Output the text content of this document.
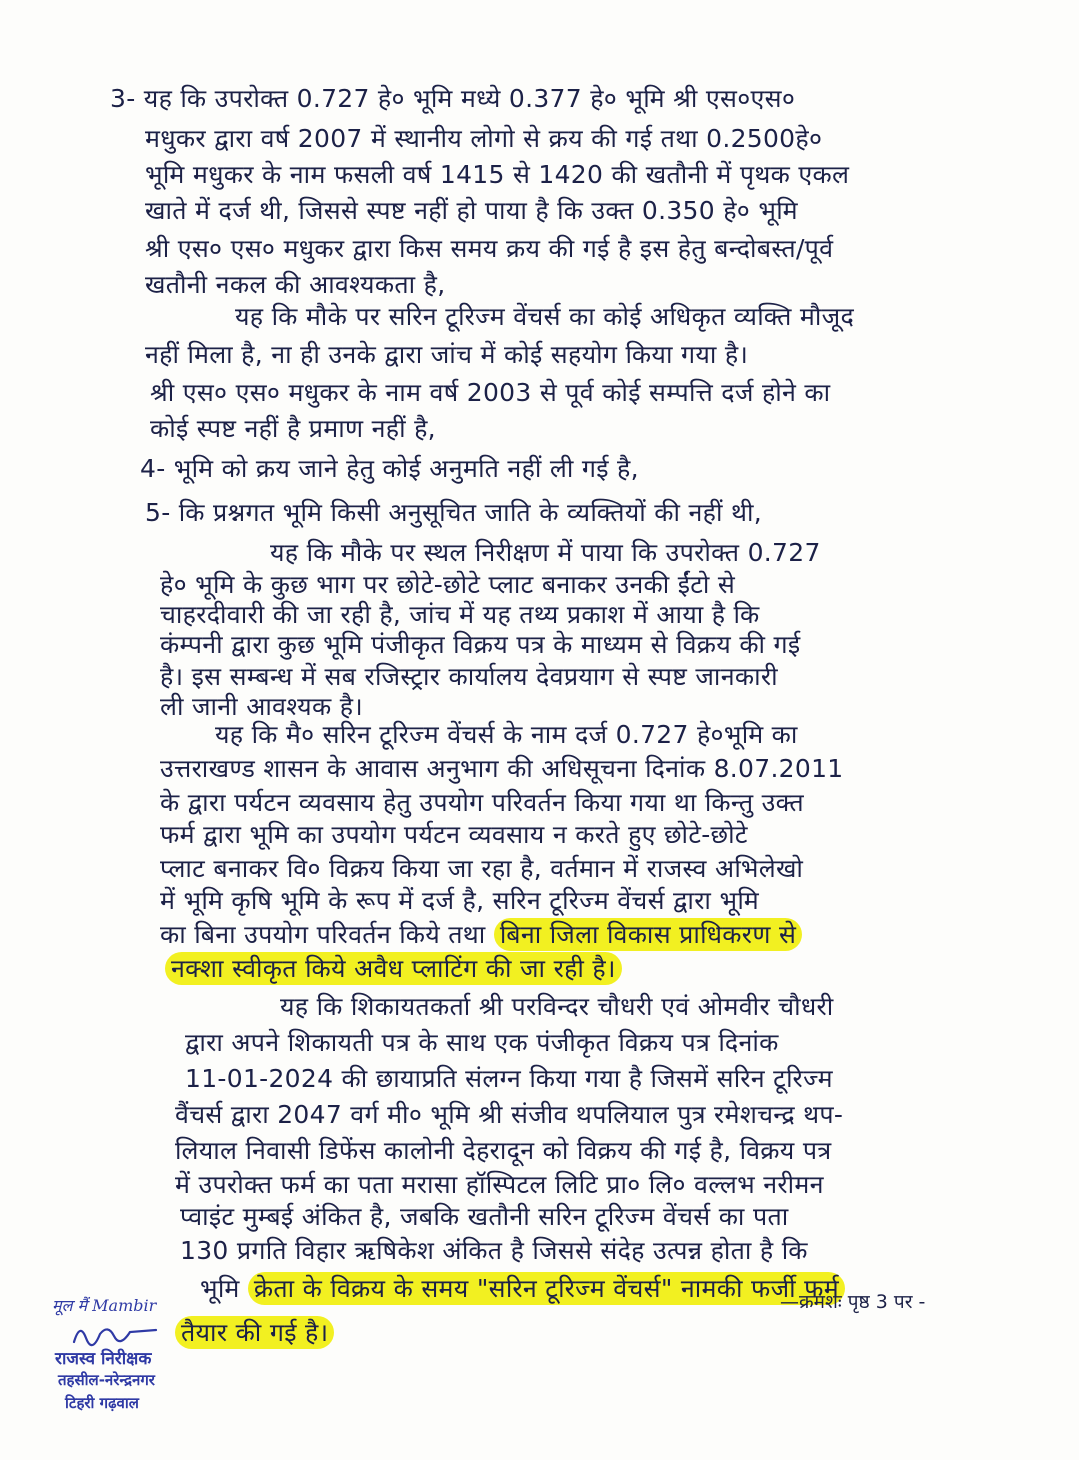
3- यह कि उपरोक्त 0.727 हे० भूमि मध्ये 0.377 हे० भूमि श्री एस०एस०
मधुकर द्वारा वर्ष 2007 में स्थानीय लोगो से क्रय की गई तथा 0.2500हे०
भूमि मधुकर के नाम फसली वर्ष 1415 से 1420 की खतौनी में पृथक एकल
खाते में दर्ज थी, जिससे स्पष्ट नहीं हो पाया है कि उक्त 0.350 हे० भूमि
श्री एस० एस० मधुकर द्वारा किस समय क्रय की गई है इस हेतु बन्दोबस्त/पूर्व
खतौनी नकल की आवश्यकता है,
यह कि मौके पर सरिन टूरिज्म वेंचर्स का कोई अधिकृत व्यक्ति मौजूद
नहीं मिला है, ना ही उनके द्वारा जांच में कोई सहयोग किया गया है।
श्री एस० एस० मधुकर के नाम वर्ष 2003 से पूर्व कोई सम्पत्ति दर्ज होने का
कोई स्पष्ट नहीं है प्रमाण नहीं है,
4- भूमि को क्रय जाने हेतु कोई अनुमति नहीं ली गई है,
5- कि प्रश्नगत भूमि किसी अनुसूचित जाति के व्यक्तियों की नहीं थी,
यह कि मौके पर स्थल निरीक्षण में पाया कि उपरोक्त 0.727
हे० भूमि के कुछ भाग पर छोटे-छोटे प्लाट बनाकर उनकी ईंटो से
चाहरदीवारी की जा रही है, जांच में यह तथ्य प्रकाश में आया है कि
कंम्पनी द्वारा कुछ भूमि पंजीकृत विक्रय पत्र के माध्यम से विक्रय की गई
है। इस सम्बन्ध में सब रजिस्ट्रार कार्यालय देवप्रयाग से स्पष्ट जानकारी
ली जानी आवश्यक है।
यह कि मै० सरिन टूरिज्म वेंचर्स के नाम दर्ज 0.727 हे०भूमि का
उत्तराखण्ड शासन के आवास अनुभाग की अधिसूचना दिनांक 8.07.2011
के द्वारा पर्यटन व्यवसाय हेतु उपयोग परिवर्तन किया गया था किन्तु उक्त
फर्म द्वारा भूमि का उपयोग पर्यटन व्यवसाय न करते हुए छोटे-छोटे
प्लाट बनाकर वि० विक्रय किया जा रहा है, वर्तमान में राजस्व अभिलेखो
में भूमि कृषि भूमि के रूप में दर्ज है, सरिन टूरिज्म वेंचर्स द्वारा भूमि
का बिना उपयोग परिवर्तन किये तथा बिना जिला विकास प्राधिकरण से
नक्शा स्वीकृत किये अवैध प्लाटिंग की जा रही है।
यह कि शिकायतकर्ता श्री परविन्दर चौधरी एवं ओमवीर चौधरी
द्वारा अपने शिकायती पत्र के साथ एक पंजीकृत विक्रय पत्र दिनांक
11-01-2024 की छायाप्रति संलग्न किया गया है जिसमें सरिन टूरिज्म
वैंचर्स द्वारा 2047 वर्ग मी० भूमि श्री संजीव थपलियाल पुत्र रमेशचन्द्र थप-
लियाल निवासी डिफेंस कालोनी देहरादून को विक्रय की गई है, विक्रय पत्र
में उपरोक्त फर्म का पता मरासा हॉस्पिटल लिटि प्रा० लि० वल्लभ नरीमन
प्वाइंट मुम्बई अंकित है, जबकि खतौनी सरिन टूरिज्म वेंचर्स का पता
130 प्रगति विहार ऋषिकेश अंकित है जिससे संदेह उत्पन्न होता है कि
भूमि क्रेता के विक्रय के समय "सरिन टूरिज्म वेंचर्स" नामकी फर्जी फर्म
तैयार की गई है।
—क्रमशः पृष्ठ 3 पर -
मूल मैं Mambir
राजस्व निरीक्षक
तहसील-नरेन्द्रनगर
टिहरी गढ़वाल
